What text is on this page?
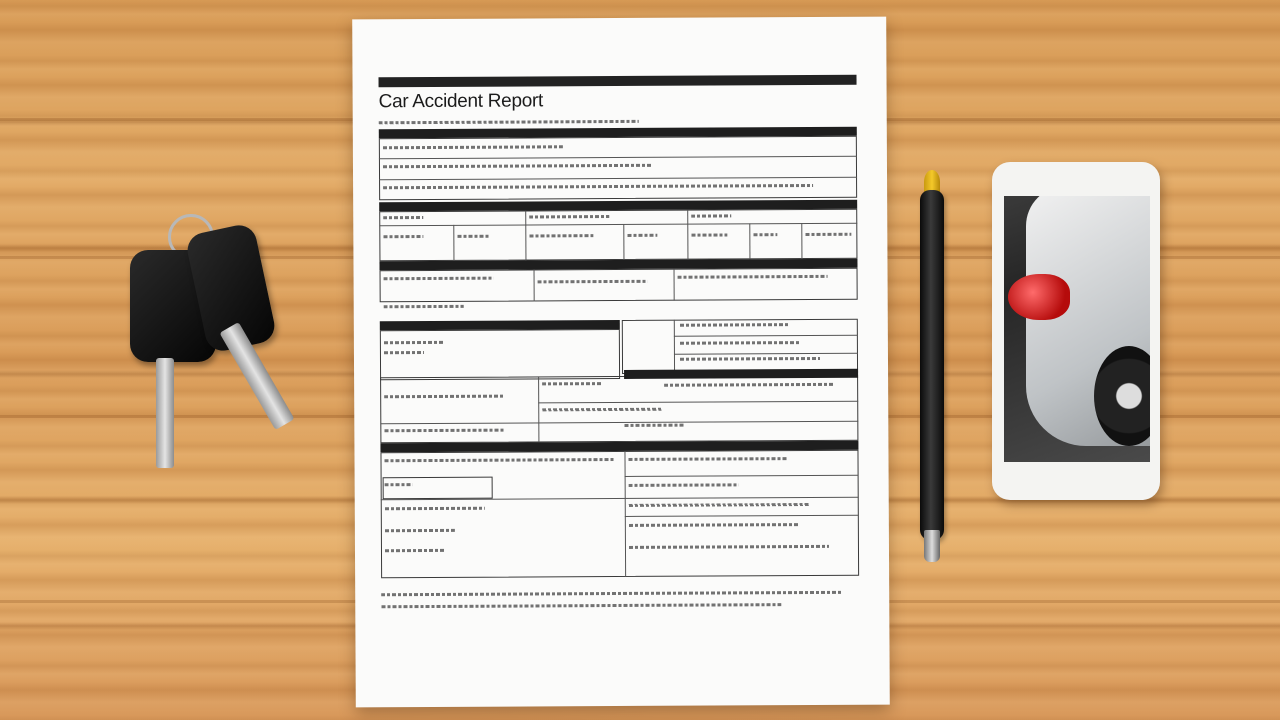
Car Accident Report
